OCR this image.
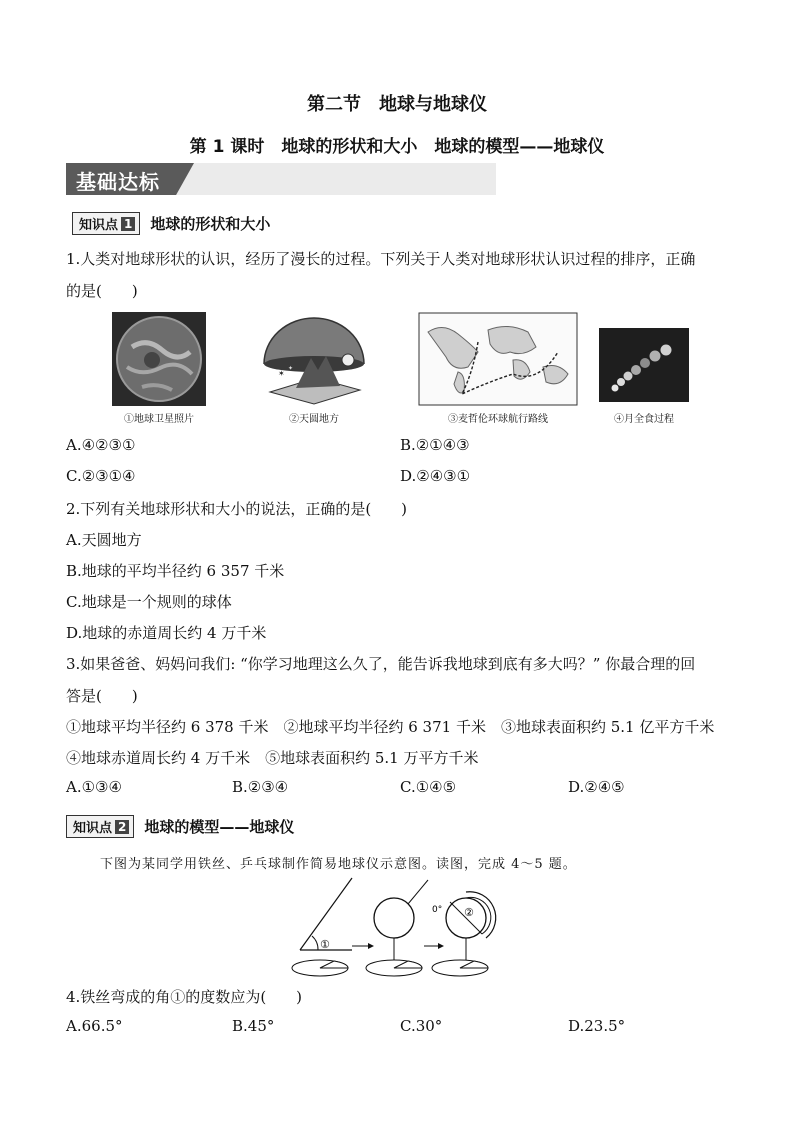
第二节　地球与地球仪
第 1 课时　地球的形状和大小　地球的模型——地球仪
基础达标
知识点 1 地球的形状和大小
1.人类对地球形状的认识，经历了漫长的过程。下列关于人类对地球形状认识过程的排序，正确
的是(　　)
①地球卫星照片
✶
✦
②天圆地方	③麦哲伦环球航行路线	④月全食过程
A.④②③①	B.②①④③
C.②③①④	D.②④③①
2.下列有关地球形状和大小的说法，正确的是(　　)
A.天圆地方
B.地球的平均半径约 6 357 千米
C.地球是一个规则的球体
D.地球的赤道周长约 4 万千米
3.如果爸爸、妈妈问我们: “你学习地理这么久了，能告诉我地球到底有多大吗？” 你最合理的回
答是(　　)
①地球平均半径约 6 378 千米　②地球平均半径约 6 371 千米　③地球表面积约 5.1 亿平方千米
④地球赤道周长约 4 万千米　⑤地球表面积约 5.1 万平方千米
A.①③④	B.②③④	C.①④⑤	D.②④⑤
知识点 2 地球的模型——地球仪
下图为某同学用铁丝、乒乓球制作简易地球仪示意图。读图，完成 4～5 题。
①
0° ②
4.铁丝弯成的角①的度数应为(　　)
A.66.5°	B.45°	C.30°	D.23.5°
